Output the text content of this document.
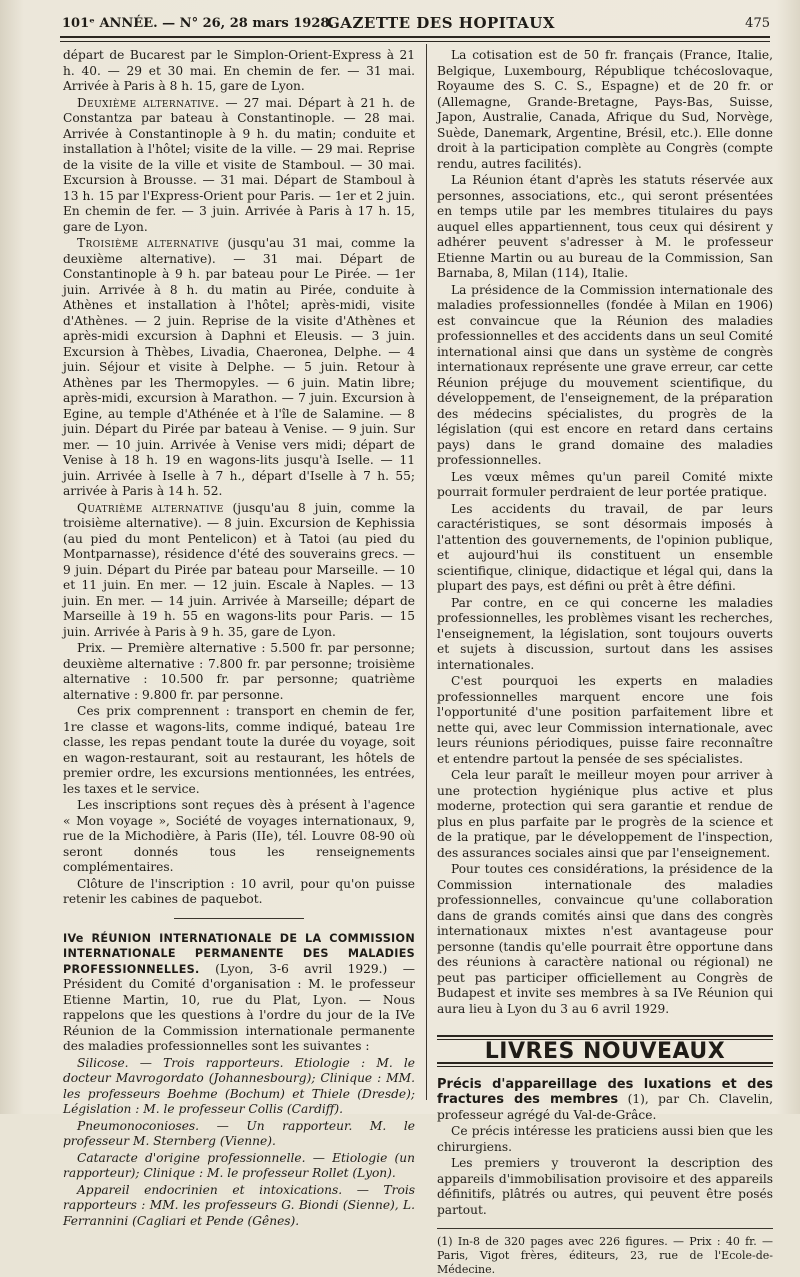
101ᵉ ANNÉE. — N° 26, 28 mars 1928.
GAZETTE DES HOPITAUX	475

départ de Bucarest par le Simplon-Orient-Express à 21 h. 40. — 29 et 30 mai. En chemin de fer. — 31 mai. Arrivée à Paris à 8 h. 15, gare de Lyon.

Deuxième alternative. — 27 mai. Départ à 21 h. de Constantza par bateau à Constantinople. — 28 mai. Arrivée à Constantinople à 9 h. du matin; conduite et installation à l'hôtel; visite de la ville. — 29 mai. Reprise de la visite de la ville et visite de Stamboul. — 30 mai. Excursion à Brousse. — 31 mai. Départ de Stamboul à 13 h. 15 par l'Express-Orient pour Paris. — 1er et 2 juin. En chemin de fer. — 3 juin. Arrivée à Paris à 17 h. 15, gare de Lyon.

Troisième alternative (jusqu'au 31 mai, comme la deuxième alternative). — 31 mai. Départ de Constantinople à 9 h. par bateau pour Le Pirée. — 1er juin. Arrivée à 8 h. du matin au Pirée, conduite à Athènes et installation à l'hôtel; après-midi, visite d'Athènes. — 2 juin. Reprise de la visite d'Athènes et après-midi excursion à Daphni et Eleusis. — 3 juin. Excursion à Thèbes, Livadia, Chaeronea, Delphe. — 4 juin. Séjour et visite à Delphe. — 5 juin. Retour à Athènes par les Thermopyles. — 6 juin. Matin libre; après-midi, excursion à Marathon. — 7 juin. Excursion à Egine, au temple d'Athénée et à l'île de Salamine. — 8 juin. Départ du Pirée par bateau à Venise. — 9 juin. Sur mer. — 10 juin. Arrivée à Venise vers midi; départ de Venise à 18 h. 19 en wagons-lits jusqu'à Iselle. — 11 juin. Arrivée à Iselle à 7 h., départ d'Iselle à 7 h. 55; arrivée à Paris à 14 h. 52.

Quatrième alternative (jusqu'au 8 juin, comme la troisième alternative). — 8 juin. Excursion de Kephissia (au pied du mont Pentelicon) et à Tatoi (au pied du Montparnasse), résidence d'été des souverains grecs. — 9 juin. Départ du Pirée par bateau pour Marseille. — 10 et 11 juin. En mer. — 12 juin. Escale à Naples. — 13 juin. En mer. — 14 juin. Arrivée à Marseille; départ de Marseille à 19 h. 55 en wagons-lits pour Paris. — 15 juin. Arrivée à Paris à 9 h. 35, gare de Lyon.

Prix. — Première alternative : 5.500 fr. par personne; deuxième alternative : 7.800 fr. par personne; troisième alternative : 10.500 fr. par personne; quatrième alternative : 9.800 fr. par personne.

Ces prix comprennent : transport en chemin de fer, 1re classe et wagons-lits, comme indiqué, bateau 1re classe, les repas pendant toute la durée du voyage, soit en wagon-restaurant, soit au restaurant, les hôtels de premier ordre, les excursions mentionnées, les entrées, les taxes et le service.

Les inscriptions sont reçues dès à présent à l'agence « Mon voyage », Société de voyages internationaux, 9, rue de la Michodière, à Paris (IIe), tél. Louvre 08-90 où seront donnés tous les renseignements complémentaires.

Clôture de l'inscription : 10 avril, pour qu'on puisse retenir les cabines de paquebot.

IVe RÉUNION INTERNATIONALE DE LA COMMISSION INTERNATIONALE PERMANENTE DES MALADIES PROFESSIONNELLES. (Lyon, 3-6 avril 1929.) — Président du Comité d'organisation : M. le professeur Etienne Martin, 10, rue du Plat, Lyon. — Nous rappelons que les questions à l'ordre du jour de la IVe Réunion de la Commission internationale permanente des maladies professionnelles sont les suivantes :

Silicose. — Trois rapporteurs. Etiologie : M. le docteur Mavrogordato (Johannesbourg); Clinique : MM. les professeurs Boehme (Bochum) et Thiele (Dresde); Législation : M. le professeur Collis (Cardiff).

Pneumonoconioses. — Un rapporteur. M. le professeur M. Sternberg (Vienne).

Cataracte d'origine professionnelle. — Etiologie (un rapporteur); Clinique : M. le professeur Rollet (Lyon).

Appareil endocrinien et intoxications. — Trois rapporteurs : MM. les professeurs G. Biondi (Sienne), L. Ferrannini (Cagliari et Pende (Gênes).

La cotisation est de 50 fr. français (France, Italie, Belgique, Luxembourg, République tchécoslovaque, Royaume des S. C. S., Espagne) et de 20 fr. or (Allemagne, Grande-Bretagne, Pays-Bas, Suisse, Japon, Australie, Canada, Afrique du Sud, Norvège, Suède, Danemark, Argentine, Brésil, etc.). Elle donne droit à la participation complète au Congrès (compte rendu, autres facilités).

La Réunion étant d'après les statuts réservée aux personnes, associations, etc., qui seront présentées en temps utile par les membres titulaires du pays auquel elles appartiennent, tous ceux qui désirent y adhérer peuvent s'adresser à M. le professeur Etienne Martin ou au bureau de la Commission, San Barnaba, 8, Milan (114), Italie.

La présidence de la Commission internationale des maladies professionnelles (fondée à Milan en 1906) est convaincue que la Réunion des maladies professionnelles et des accidents dans un seul Comité international ainsi que dans un système de congrès internationaux représente une grave erreur, car cette Réunion préjuge du mouvement scientifique, du développement, de l'enseignement, de la préparation des médecins spécialistes, du progrès de la législation (qui est encore en retard dans certains pays) dans le grand domaine des maladies professionnelles.

Les vœux mêmes qu'un pareil Comité mixte pourrait formuler perdraient de leur portée pratique.

Les accidents du travail, de par leurs caractéristiques, se sont désormais imposés à l'attention des gouvernements, de l'opinion publique, et aujourd'hui ils constituent un ensemble scientifique, clinique, didactique et légal qui, dans la plupart des pays, est défini ou prêt à être défini.

Par contre, en ce qui concerne les maladies professionnelles, les problèmes visant les recherches, l'enseignement, la législation, sont toujours ouverts et sujets à discussion, surtout dans les assises internationales.

C'est pourquoi les experts en maladies professionnelles marquent encore une fois l'opportunité d'une position parfaitement libre et nette qui, avec leur Commission internationale, avec leurs réunions périodiques, puisse faire reconnaître et entendre partout la pensée de ses spécialistes.

Cela leur paraît le meilleur moyen pour arriver à une protection hygiénique plus active et plus moderne, protection qui sera garantie et rendue de plus en plus parfaite par le progrès de la science et de la pratique, par le développement de l'inspection, des assurances sociales ainsi que par l'enseignement.

Pour toutes ces considérations, la présidence de la Commission internationale des maladies professionnelles, convaincue qu'une collaboration dans de grands comités ainsi que dans des congrès internationaux mixtes n'est avantageuse pour personne (tandis qu'elle pourrait être opportune dans des réunions à caractère national ou régional) ne peut pas participer officiellement au Congrès de Budapest et invite ses membres à sa IVe Réunion qui aura lieu à Lyon du 3 au 6 avril 1929.

LIVRES NOUVEAUX

Précis d'appareillage des luxations et des fractures des membres (1), par Ch. Clavelin, professeur agrégé du Val-de-Grâce.

Ce précis intéresse les praticiens aussi bien que les chirurgiens.

Les premiers y trouveront la description des appareils d'immobilisation provisoire et des appareils définitifs, plâtrés ou autres, qui peuvent être posés partout.

(1) In-8 de 320 pages avec 226 figures. — Prix : 40 fr. — Paris, Vigot frères, éditeurs, 23, rue de l'Ecole-de-Médecine.
